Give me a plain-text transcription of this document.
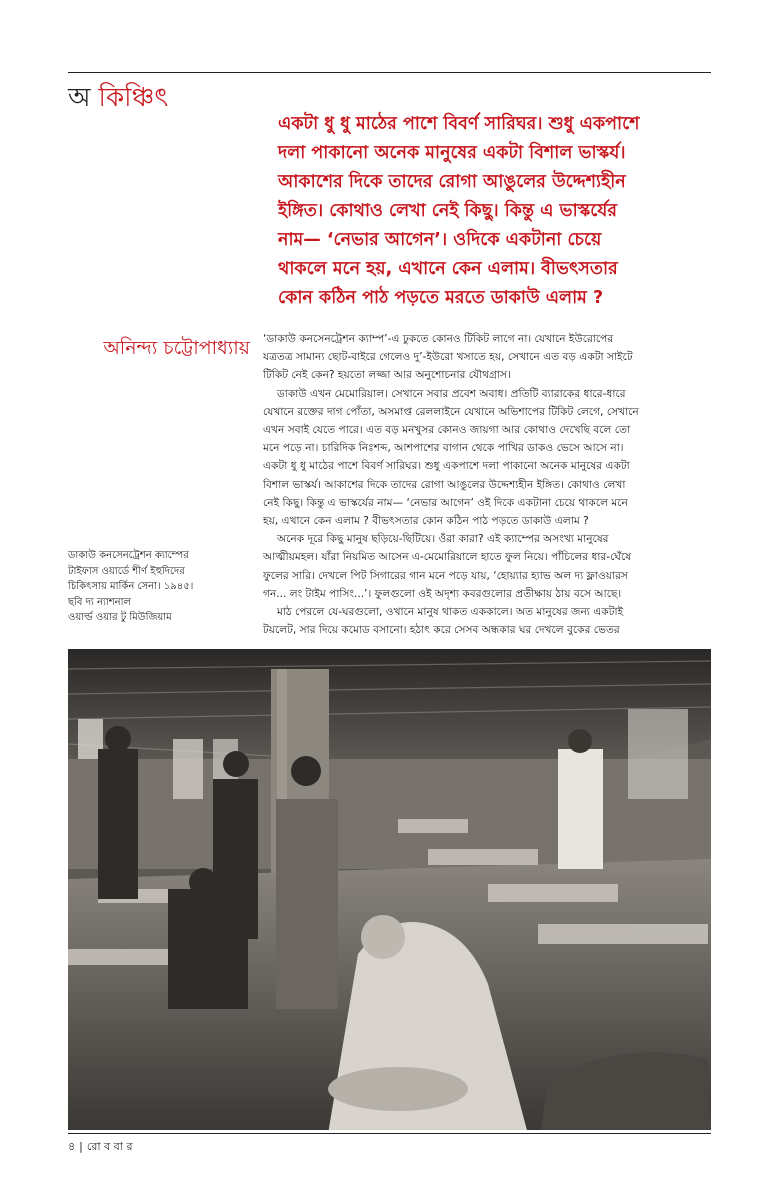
অ কিঞ্চিৎ

একটা ধু ধু মাঠের পাশে বিবর্ণ সারিঘর। শুধু একপাশে

দলা পাকানো অনেক মানুষের একটা বিশাল ভাস্কর্য।

আকাশের দিকে তাদের রোগা আঙুলের উদ্দেশ্যহীন

ইঙ্গিত। কোথাও লেখা নেই কিছু। কিন্তু এ ভাস্কর্যের

নাম— ‘নেভার আগেন’। ওদিকে একটানা চেয়ে

থাকলে মনে হয়, এখানে কেন এলাম। বীভৎসতার

কোন কঠিন পাঠ পড়তে মরতে ডাকাউ এলাম ?

অনিন্দ্য চট্টোপাধ্যায় ‘ডাকাউ কনসেনট্রেশন ক্যাম্প’-এ ঢুকতে কোনও টিকিট লাগে না। যেখানে ইউরোপের

যত্রতত্র সামান্য ছোট-বাইরে গেলেও দু’-ইউরো খসাতে হয়, সেখানে এত বড় একটা সাইটে

টিকিট নেই কেন? হয়তো লজ্জা আর অনুশোচনার যৌথগ্রাস।

ডাকাউ এখন মেমোরিয়াল। সেখানে সবার প্রবেশ অবাধ। প্রতিটি ব্যারাকের ধারে-ধারে

যেখানে রক্তের দাগ পোঁতা, অসমাপ্ত রেললাইনে যেখানে অভিশাপের টিকিট লেগে, সেখানে

এখন সবাই যেতে পারে। এত বড় মনখুসর কোনও জায়গা আর কোথাও দেখেছি বলে তো

মনে পড়ে না। চারিদিক নিঃশব্দ, আশপাশের বাগান থেকে পাখির ডাকও ভেসে আসে না।

একটা ধু ধু মাঠের পাশে বিবর্ণ সারিঘর। শুধু একপাশে দলা পাকানো অনেক মানুষের একটা

বিশাল ভাস্কর্য। আকাশের দিকে তাদের রোগা আঙুলের উদ্দেশ্যহীন ইঙ্গিত। কোথাও লেখা

নেই কিছু। কিন্তু এ ভাস্কর্যের নাম— ‘নেভার আগেন’ ওই দিকে একটানা চেয়ে থাকলে মনে

হয়, এখানে কেন এলাম ? বীভৎসতার কোন কঠিন পাঠ পড়তে ডাকাউ এলাম ?

অনেক দূরে কিছু মানুষ ছড়িয়ে-ছিটিয়ে। ওঁরা কারা? এই ক্যাম্পের অসংখ্য মানুষের

আত্মীয়মহল। যাঁরা নিয়মিত আসেন এ-মেমোরিয়ালে হাতে ফুল নিয়ে। পাঁচিলের ধার-ঘেঁষে

ফুলের সারি। দেখলে পিট সিগারের গান মনে পড়ে যায়, ‘হোয়্যার হ্যাভ অল দ্য ফ্লাওয়ারস

গন... লং টাইম পাসিং...’। ফুলগুলো ওই অদৃশ্য কবরগুলোর প্রতীক্ষায় ঠায় বসে আছে।

মাঠ পেরলে যে-ঘরগুলো, ওখানে মানুষ থাকত এককালে। অত মানুষের জন্য একটাই

টয়লেট, সার দিয়ে কমোড বসানো। হঠাৎ করে সেসব অন্ধকার ঘর দেখলে বুকের ভেতর

ডাকাউ কনসেনট্রেশন ক্যাম্পের

টাইফাস ওয়ার্ডে শীর্ণ ইহুদিদের

চিকিৎসায় মার্কিন সেনা। ১৯৪৫।

ছবি দ্য ন্যাশনাল

ওয়ার্ল্ড ওয়ার টু মিউজিয়াম

৪ | রো ব বা র
